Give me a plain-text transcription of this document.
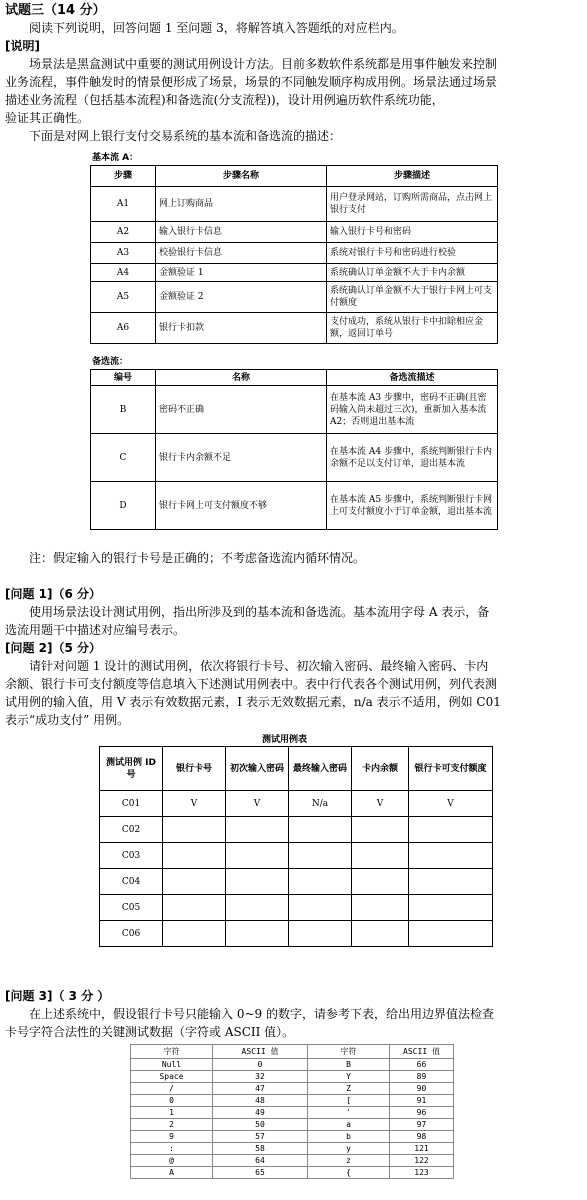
试题三（14 分）
阅读下列说明，回答问题 1 至问题 3，将解答填入答题纸的对应栏内。
[说明]
场景法是黑盒测试中重要的测试用例设计方法。目前多数软件系统都是用事件触发来控制
业务流程，事件触发时的情景便形成了场景，场景的不同触发顺序构成用例。场景法通过场景
描述业务流程（包括基本流程)和备选流(分支流程))，设计用例遍历软件系统功能，
验证其正确性。
下面是对网上银行支付交易系统的基本流和备选流的描述：
基本流 A：
步骤	步骤名称	步骤描述
A1	网上订购商品	用户登录网站，订购所需商品，点击网上银行支付
A2	输入银行卡信息	输入银行卡号和密码
A3	校验银行卡信息	系统对银行卡号和密码进行校验
A4	金额验证 1	系统确认订单金额不大于卡内余额
A5	金额验证 2	系统确认订单金额不大于银行卡网上可支付额度
A6	银行卡扣款	支付成功，系统从银行卡中扣除相应金额，返回订单号
备选流：
编号	名称	备选流描述
B	密码不正确	在基本流 A3 步骤中，密码不正确(且密码输入尚未超过三次)，重新加入基本流 A2；否则退出基本流
C	银行卡内余额不足	在基本流 A4 步骤中，系统判断银行卡内余额不足以支付订单，退出基本流
D	银行卡网上可支付额度不够	在基本流 A5 步骤中，系统判断银行卡网上可支付额度小于订单金额，退出基本流
注：假定输入的银行卡号是正确的；不考虑备选流内循环情况。
[问题 1]（6 分）
使用场景法设计测试用例，指出所涉及到的基本流和备选流。基本流用字母 A 表示，备
选流用题干中描述对应编号表示。
[问题 2]（5 分）
请针对问题 1 设计的测试用例，依次将银行卡号、初次输入密码、最终输入密码、卡内
余额、银行卡可支付额度等信息填入下述测试用例表中。表中行代表各个测试用例，列代表测
试用例的输入值，用 V 表示有效数据元素，I 表示无效数据元素，n/a 表示不适用，例如 C01
表示“成功支付” 用例。
测试用例表
测试用例 ID 号	银行卡号	初次输入密码	最终输入密码	卡内余额	银行卡可支付额度
C01	V	V	N/a	V	V
C02					
C03					
C04					
C05					
C06					
[问题 3]（ 3 分 ）
在上述系统中，假设银行卡号只能输入 0~9 的数字，请参考下表，给出用边界值法检查
卡号字符合法性的关键测试数据（字符或 ASCII 值）。
字符	ASCII 值	字符	ASCII 值
Null	0	B	66
Space	32	Y	89
/	47	Z	90
0	48	[	91
1	49	'	96
2	50	a	97
9	57	b	98
:	58	y	121
@	64	z	122
A	65	{	123
